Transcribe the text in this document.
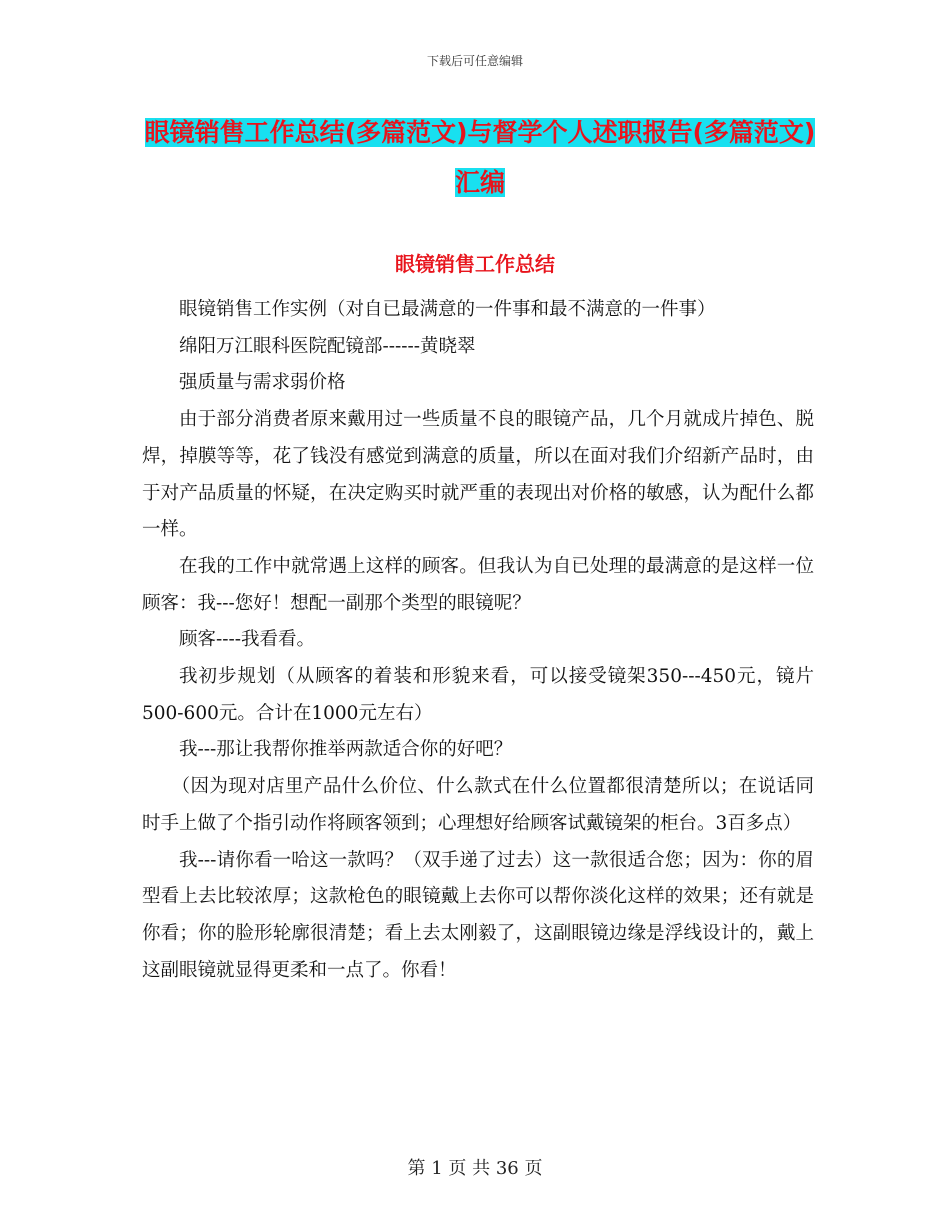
下载后可任意编辑
眼镜销售工作总结(多篇范文)与督学个人述职报告(多篇范文)汇编
眼镜销售工作总结

眼镜销售工作实例（对自已最满意的一件事和最不满意的一件事）

绵阳万江眼科医院配镜部------黄晓翠

强质量与需求弱价格

由于部分消费者原来戴用过一些质量不良的眼镜产品，几个月就成片掉色、脱焊，掉膜等等，花了钱没有感觉到满意的质量，所以在面对我们介绍新产品时，由于对产品质量的怀疑，在决定购买时就严重的表现出对价格的敏感，认为配什么都一样。

在我的工作中就常遇上这样的顾客。但我认为自已处理的最满意的是这样一位顾客：我---您好！想配一副那个类型的眼镜呢？

顾客----我看看。

我初步规划（从顾客的着装和形貌来看，可以接受镜架350---450元，镜片500-600元。合计在1000元左右）

我---那让我帮你推举两款适合你的好吧？

（因为现对店里产品什么价位、什么款式在什么位置都很清楚所以；在说话同时手上做了个指引动作将顾客领到；心理想好给顾客试戴镜架的柜台。3百多点）

我---请你看一哈这一款吗？（双手递了过去）这一款很适合您；因为：你的眉型看上去比较浓厚；这款枪色的眼镜戴上去你可以帮你淡化这样的效果；还有就是你看；你的脸形轮廓很清楚；看上去太刚毅了，这副眼镜边缘是浮线设计的，戴上这副眼镜就显得更柔和一点了。你看！

第 1 页 共 36 页
